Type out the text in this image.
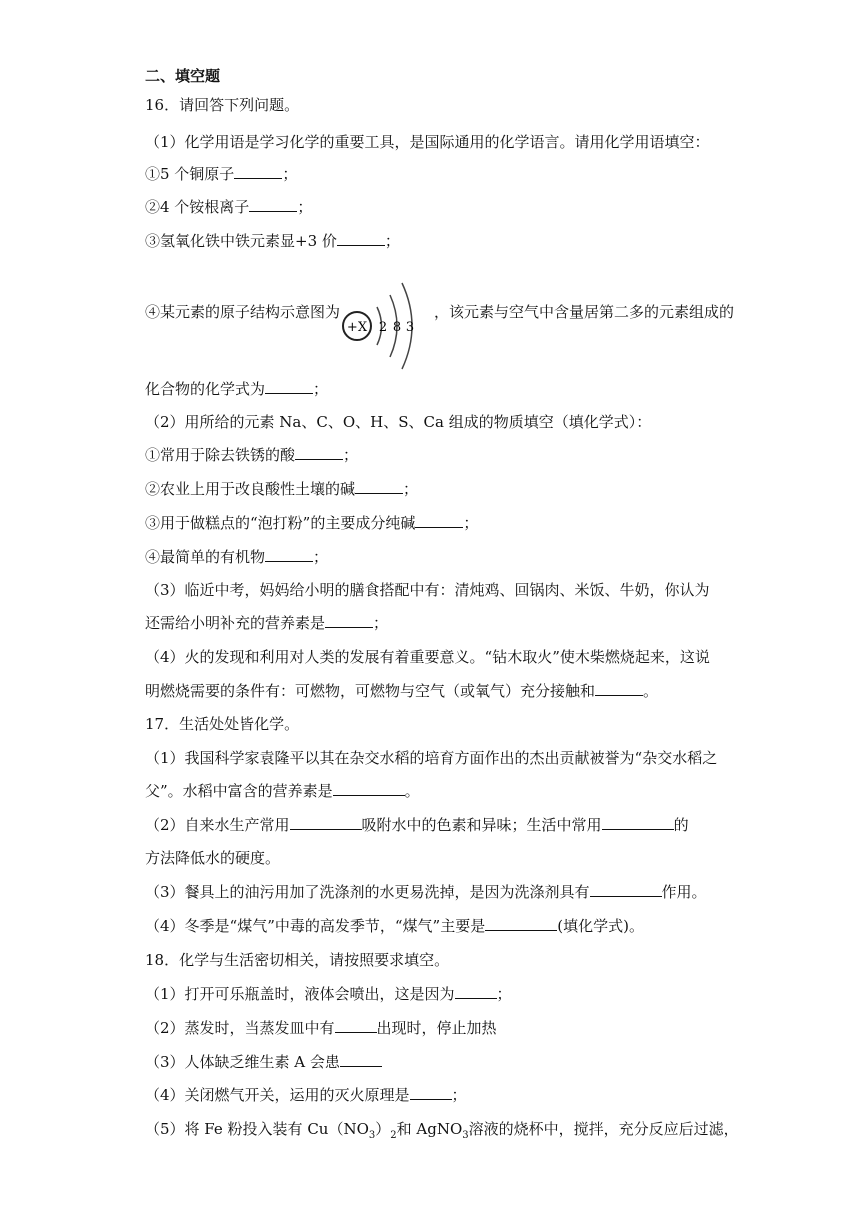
二、填空题
16．请回答下列问题。
（1）化学用语是学习化学的重要工具，是国际通用的化学语言。请用化学用语填空：
①5 个铜原子	；
②4 个铵根离子	；
③氢氧化铁中铁元素显+3 价	；
④某元素的原子结构示意图为
+X 2 8 3
，该元素与空气中含量居第二多的元素组成的
化合物的化学式为	；
（2）用所给的元素 Na、C、O、H、S、Ca 组成的物质填空（填化学式）：
①常用于除去铁锈的酸	；
②农业上用于改良酸性土壤的碱	；
③用于做糕点的“泡打粉”的主要成分纯碱	；
④最简单的有机物	；
（3）临近中考，妈妈给小明的膳食搭配中有：清炖鸡、回锅肉、米饭、牛奶，你认为
还需给小明补充的营养素是	；
（4）火的发现和利用对人类的发展有着重要意义。“钻木取火”使木柴燃烧起来，这说
明燃烧需要的条件有：可燃物，可燃物与空气（或氧气）充分接触和	。
17．生活处处皆化学。
（1）我国科学家袁隆平以其在杂交水稻的培育方面作出的杰出贡献被誉为“杂交水稻之
父”。水稻中富含的营养素是	。
（2）自来水生产常用	吸附水中的色素和异味；生活中常用	的
方法降低水的硬度。
（3）餐具上的油污用加了洗涤剂的水更易洗掉，是因为洗涤剂具有	作用。
（4）冬季是“煤气”中毒的高发季节，“煤气”主要是	(填化学式)。
18．化学与生活密切相关，请按照要求填空。
（1）打开可乐瓶盖时，液体会喷出，这是因为	；
（2）蒸发时，当蒸发皿中有	出现时，停止加热
（3）人体缺乏维生素 A 会患
（4）关闭燃气开关，运用的灭火原理是	；
（5）将 Fe 粉投入装有 $Cu(NO_3)_2$和 AgNO$_3$溶液的烧杯中，搅拌，充分反应后过滤，
